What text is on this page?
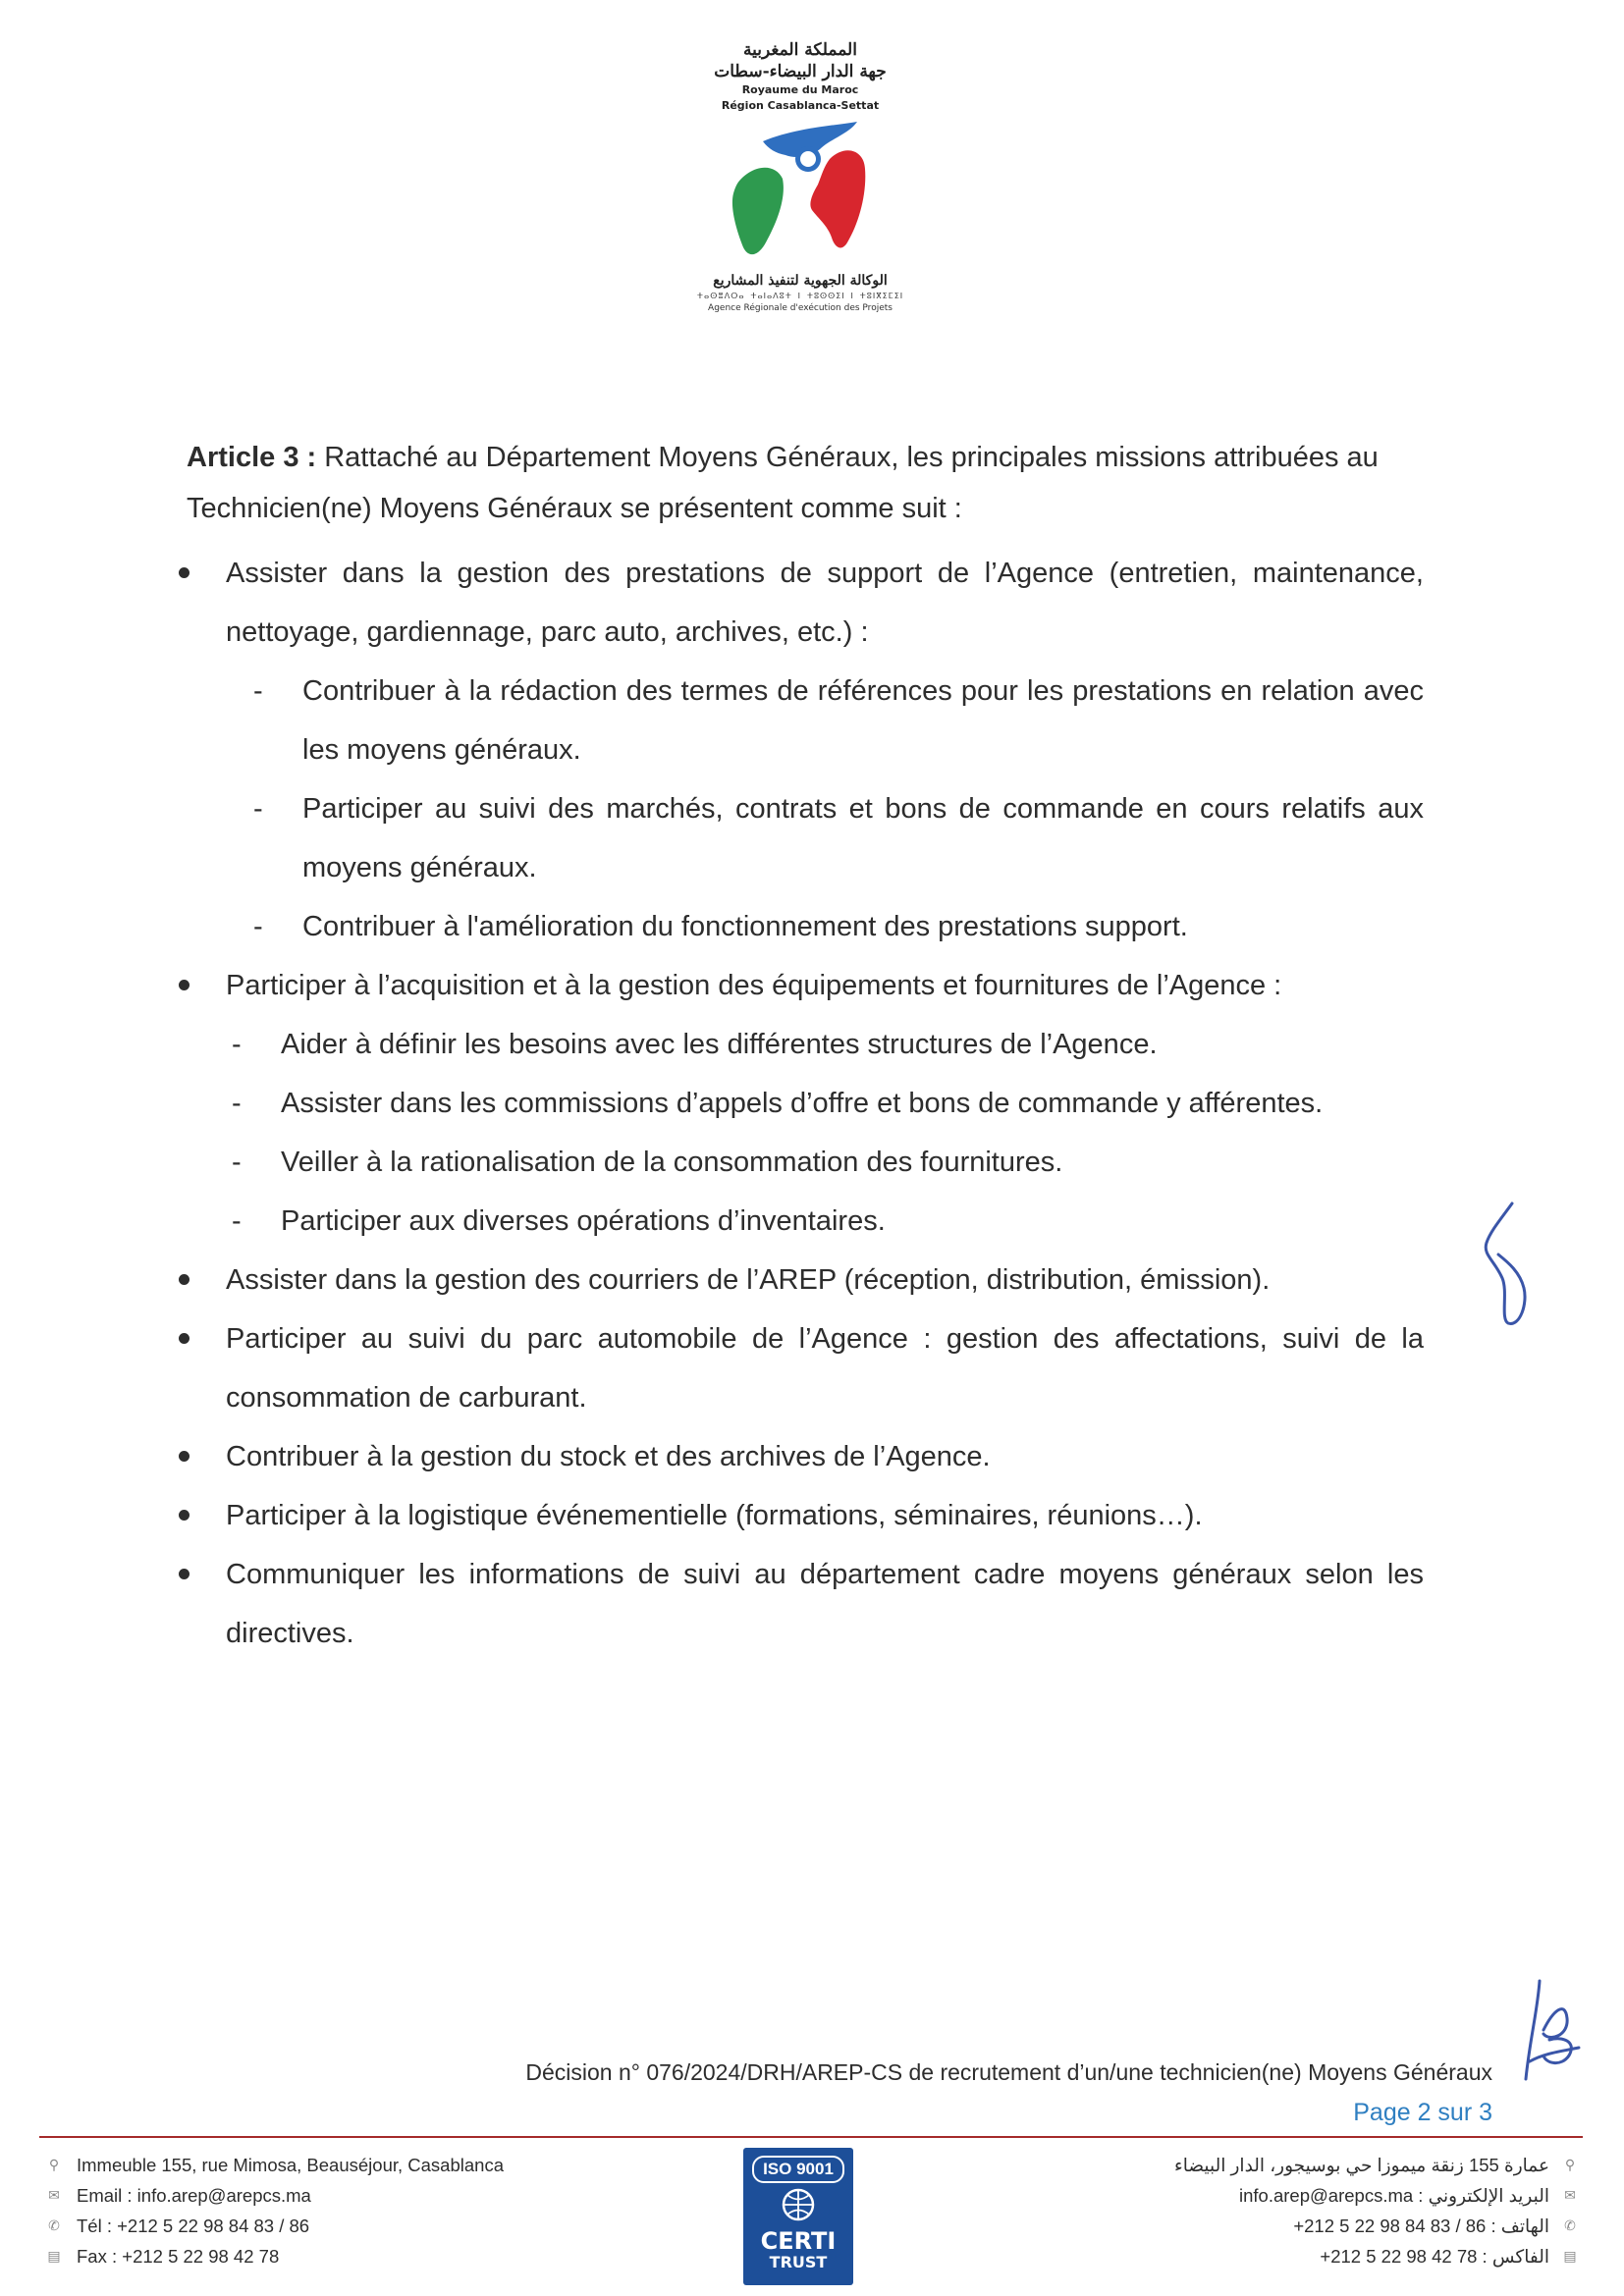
المملكة المغربية
جهة الدار البيضاء-سطات
Royaume du Maroc
Région Casablanca-Settat
الوكالة الجهوية لتنفيذ المشاريع
ⵜⴰⵙⴻⴷⵔⴰ ⵜⴰⵏⴰⴷⵓⵜ ⵏ ⵜⵓⵙⵙⵉⵏ ⵏ ⵜⵓⵏⴳⵉⵎⵉⵏ
Agence Régionale d'exécution des Projets

Article 3 : Rattaché au Département Moyens Généraux, les principales missions attribuées au Technicien(ne) Moyens Généraux se présentent comme suit :

Assister dans la gestion des prestations de support de l’Agence (entretien, maintenance, nettoyage, gardiennage, parc auto, archives, etc.) :
- Contribuer à la rédaction des termes de références pour les prestations en relation avec les moyens généraux.
- Participer au suivi des marchés, contrats et bons de commande en cours relatifs aux moyens généraux.
- Contribuer à l'amélioration du fonctionnement des prestations support.
Participer à l’acquisition et à la gestion des équipements et fournitures de l’Agence :
- Aider à définir les besoins avec les différentes structures de l’Agence.
- Assister dans les commissions d’appels d’offre et bons de commande y afférentes.
- Veiller à la rationalisation de la consommation des fournitures.
- Participer aux diverses opérations d’inventaires.
Assister dans la gestion des courriers de l’AREP (réception, distribution, émission).
Participer au suivi du parc automobile de l’Agence : gestion des affectations, suivi de la consommation de carburant.
Contribuer à la gestion du stock et des archives de l’Agence.
Participer à la logistique événementielle (formations, séminaires, réunions…).
Communiquer les informations de suivi au département cadre moyens généraux selon les directives.
Décision n° 076/2024/DRH/AREP-CS de recrutement d’un/une technicien(ne) Moyens Généraux
Page 2 sur 3
⚲ Immeuble 155, rue Mimosa, Beauséjour, Casablanca
✉ Email : info.arep@arepcs.ma
✆ Tél : +212 5 22 98 84 83 / 86
▤ Fax : +212 5 22 98 42 78
ISO 9001
CERTI
TRUST
عمارة 155 زنقة ميموزا حي بوسيجور، الدار البيضاء ⚲
البريد الإلكتروني : info.arep@arepcs.ma ✉
الهاتف : 86 / 83 84 98 22 5 212+ ✆
الفاكس : 78 42 98 22 5 212+ ▤
